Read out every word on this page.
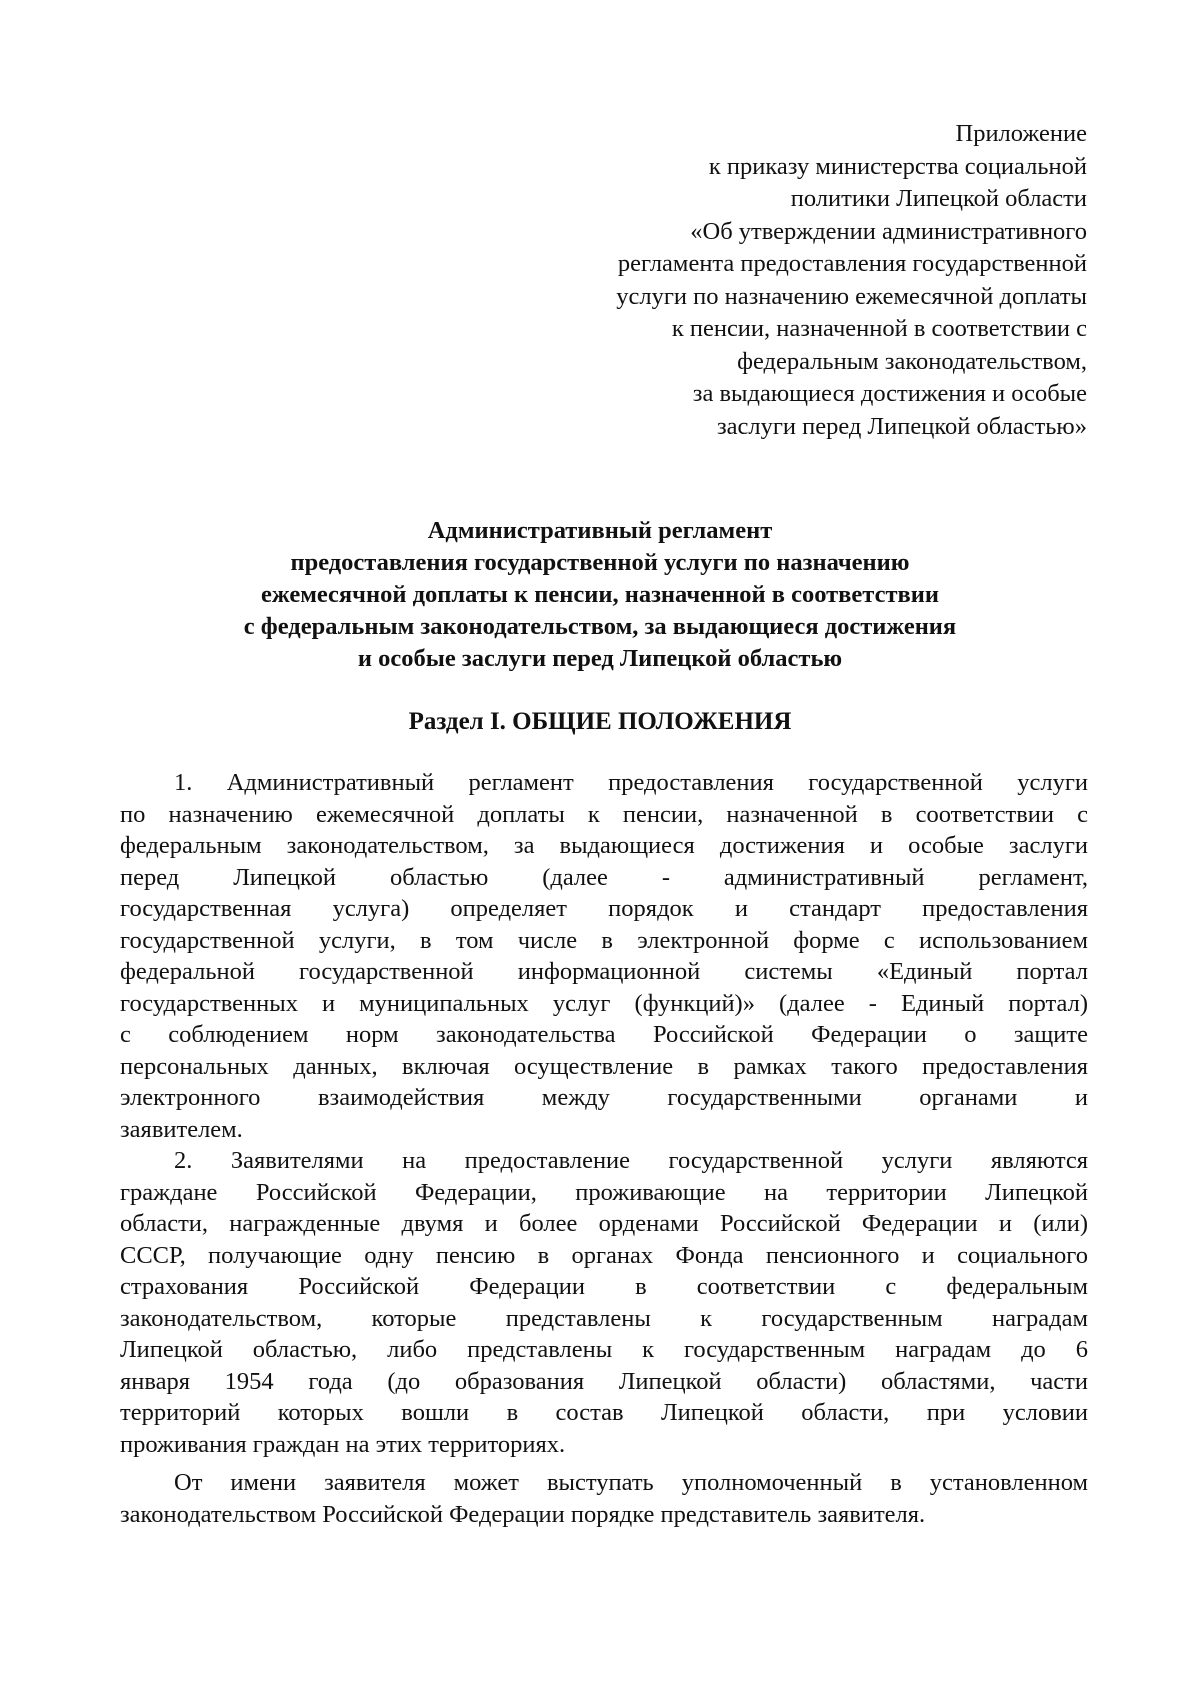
Приложение
к приказу министерства социальной
политики Липецкой области
«Об утверждении административного
регламента предоставления государственной
услуги по назначению ежемесячной доплаты
к пенсии, назначенной в соответствии с
федеральным законодательством,
за выдающиеся достижения и особые
заслуги перед Липецкой областью»
Административный регламент
предоставления государственной услуги по назначению
ежемесячной доплаты к пенсии, назначенной в соответствии
с федеральным законодательством, за выдающиеся достижения
и особые заслуги перед Липецкой областью
Раздел I. ОБЩИЕ ПОЛОЖЕНИЯ
1. Административный регламент предоставления государственной услуги
по назначению ежемесячной доплаты к пенсии, назначенной в соответствии с
федеральным законодательством, за выдающиеся достижения и особые заслуги
перед Липецкой областью (далее - административный регламент,
государственная услуга) определяет порядок и стандарт предоставления
государственной услуги, в том числе в электронной форме с использованием
федеральной государственной информационной системы «Единый портал
государственных и муниципальных услуг (функций)» (далее - Единый портал)
с соблюдением норм законодательства Российской Федерации о защите
персональных данных, включая осуществление в рамках такого предоставления
электронного взаимодействия между государственными органами и
заявителем.
2. Заявителями на предоставление государственной услуги являются
граждане Российской Федерации, проживающие на территории Липецкой
области, награжденные двумя и более орденами Российской Федерации и (или)
СССР, получающие одну пенсию в органах Фонда пенсионного и социального
страхования Российской Федерации в соответствии с федеральным
законодательством, которые представлены к государственным наградам
Липецкой областью, либо представлены к государственным наградам до 6
января 1954 года (до образования Липецкой области) областями, части
территорий которых вошли в состав Липецкой области, при условии
проживания граждан на этих территориях.
От имени заявителя может выступать уполномоченный в установленном
законодательством Российской Федерации порядке представитель заявителя.
